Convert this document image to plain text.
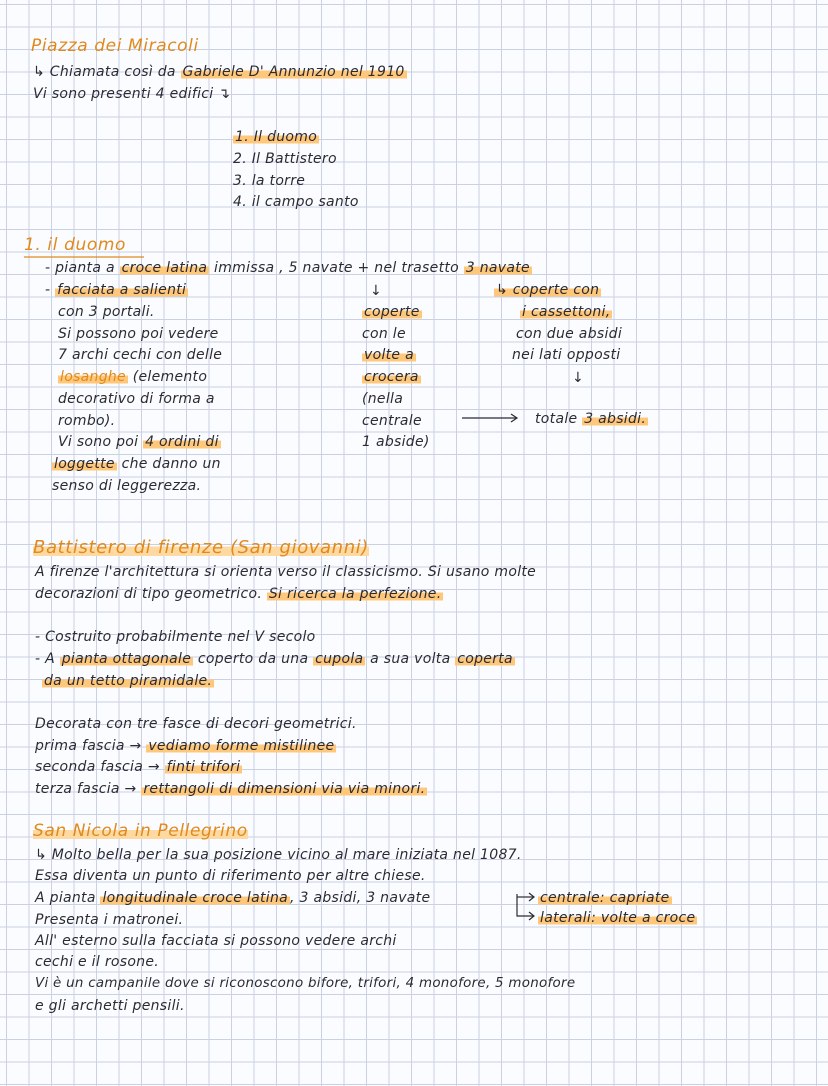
Piazza dei Miracoli
↳ Chiamata così da Gabriele D' Annunzio nel 1910
Vi sono presenti 4 edifici ↴
1. Il duomo
2. Il Battistero
3. la torre
4. il campo santo
1. il duomo
- pianta a croce latina immissa , 5 navate + nel trasetto 3 navate
- facciata a salienti
con 3 portali.
Si possono poi vedere
7 archi cechi con delle
losanghe (elemento
decorativo di forma a
rombo).
Vi sono poi 4 ordini di
loggette che danno un
senso di leggerezza.
↓
coperte
con le
volte a
crocera
(nella
centrale
1 abside)
↳ coperte con
i cassettoni,
con due absidi
nei lati opposti
↓
totale 3 absidi.
Battistero di firenze (San giovanni)
A firenze l'architettura si orienta verso il classicismo. Si usano molte
decorazioni di tipo geometrico. Si ricerca la perfezione.
- Costruito probabilmente nel V secolo
- A pianta ottagonale coperto da una cupola a sua volta coperta
da un tetto piramidale.
Decorata con tre fasce di decori geometrici.
prima fascia → vediamo forme mistilinee
seconda fascia → finti trifori
terza fascia → rettangoli di dimensioni via via minori.
San Nicola in Pellegrino
↳ Molto bella per la sua posizione vicino al mare iniziata nel 1087.
Essa diventa un punto di riferimento per altre chiese.
A pianta longitudinale croce latina , 3 absidi, 3 navate	centrale: capriate
laterali: volte a croce
Presenta i matronei.
All' esterno sulla facciata si possono vedere archi
cechi e il rosone.
Vi è un campanile dove si riconoscono bifore, trifori, 4 monofore, 5 monofore
e gli archetti pensili.
